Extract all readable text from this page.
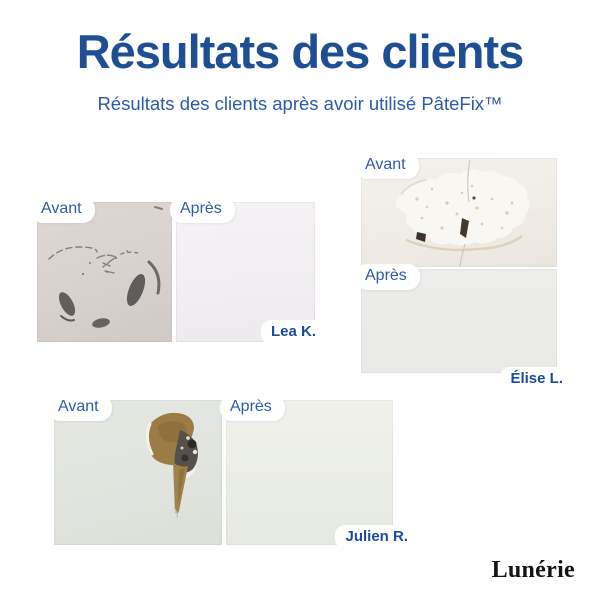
Résultats des clients

Résultats des clients après avoir utilisé PâteFix™

Avant	Après
Lea K.
Avant
Après
Élise L.
Avant	Après
Julien R.
Lunérie
